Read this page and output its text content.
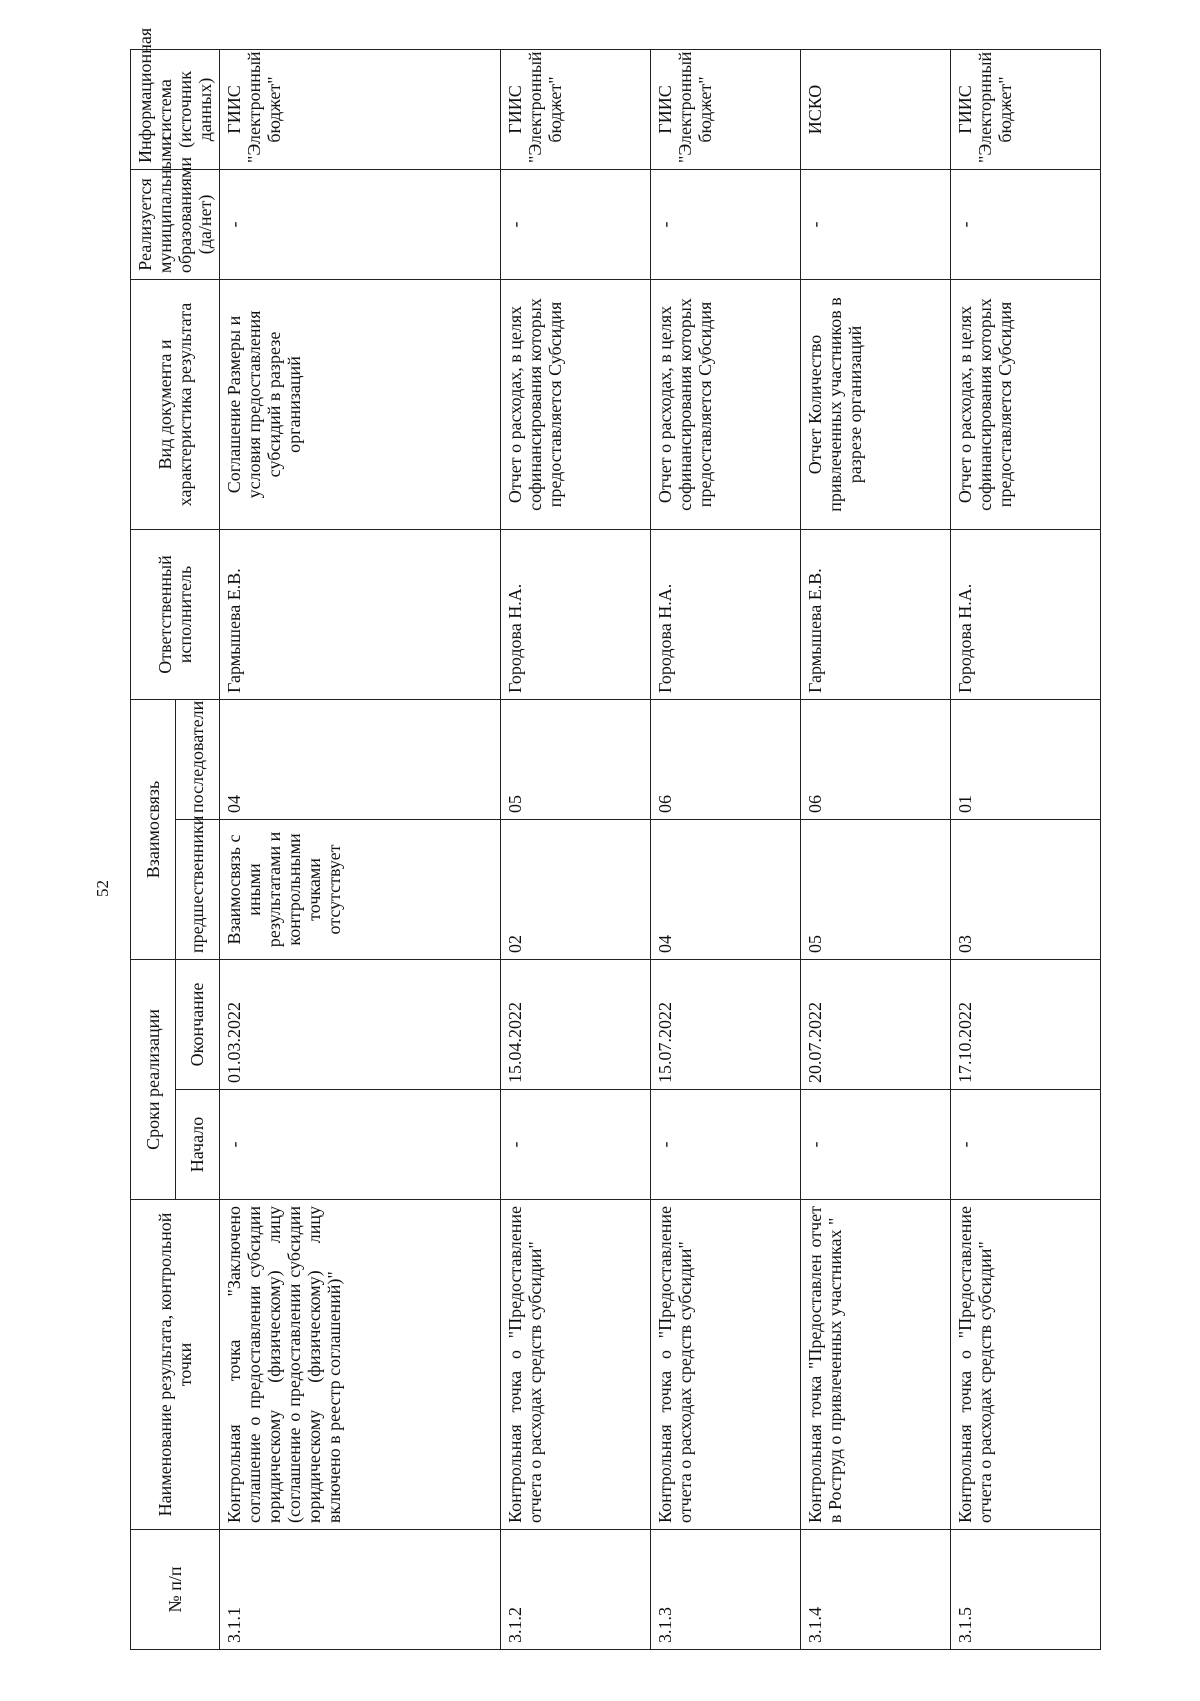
52
№ п/п	Наименование результата, контрольной точки	Сроки реализации		Взаимосвязь		Ответственный исполнитель	Вид документа и характеристика результата	Реализуется муниципальными образованиями (да/нет)	Информационная система (источник данных)
		Начало	Окончание	предшественники	последователи				
3.1.1	Контрольная точка "Заключено соглашение о предоставлении субсидии юридическому (физическому) лицу (соглашение о предоставлении субсидии юридическому (физическому) лицу включено в реестр соглашений)"	-	01.03.2022	Взаимосвязь с иными результатами и контрольными точками отсутствует	04	Гармышева Е.В.	Соглашение Размеры и условия предоставления субсидий в разрезе организаций	-	ГИИС "Электронный бюджет"
3.1.2	Контрольная точка о "Предоставление отчета о расходах средств субсидии"	-	15.04.2022	02	05	Городова Н.А.	Отчет о расходах, в целях софинансирования которых предоставляется Субсидия	-	ГИИС "Электронный бюджет"
3.1.3	Контрольная точка о "Предоставление отчета о расходах средств субсидии"	-	15.07.2022	04	06	Городова Н.А.	Отчет о расходах, в целях софинансирования которых предоставляется Субсидия	-	ГИИС "Электронный бюджет"
3.1.4	Контрольная точка "Предоставлен отчет в Роструд о привлеченных участниках "	-	20.07.2022	05	06	Гармышева Е.В.	Отчет Количество привлеченных участников в разрезе организаций	-	ИСКО
3.1.5	Контрольная точка о "Предоставление отчета о расходах средств субсидии"	-	17.10.2022	03	01	Городова Н.А.	Отчет о расходах, в целях софинансирования которых предоставляется Субсидия	-	ГИИС "Электорнный бюджет"
